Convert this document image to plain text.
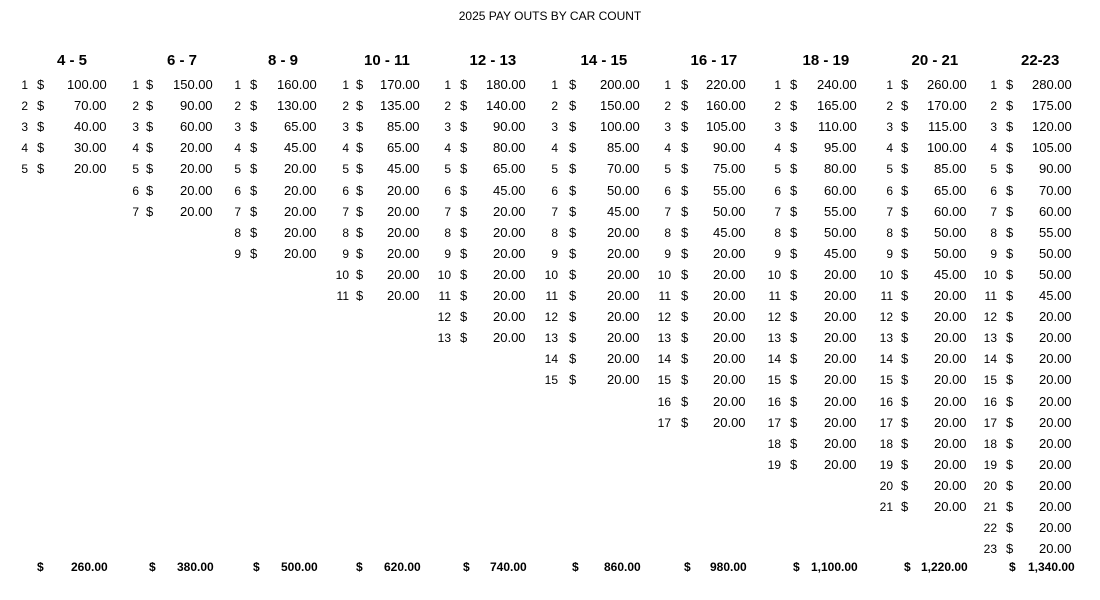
2025 PAY OUTS BY CAR COUNT
4 - 5
1 $ 100.00
2 $ 70.00
3 $ 40.00
4 $ 30.00
5 $ 20.00
$ 260.00
6 - 7
1 $ 150.00
2 $ 90.00
3 $ 60.00
4 $ 20.00
5 $ 20.00
6 $ 20.00
7 $ 20.00
$ 380.00
8 - 9
1 $ 160.00
2 $ 130.00
3 $ 65.00
4 $ 45.00
5 $ 20.00
6 $ 20.00
7 $ 20.00
8 $ 20.00
9 $ 20.00
$ 500.00
10 - 11
1 $ 170.00
2 $ 135.00
3 $ 85.00
4 $ 65.00
5 $ 45.00
6 $ 20.00
7 $ 20.00
8 $ 20.00
9 $ 20.00
10 $ 20.00
11 $ 20.00
$ 620.00
12 - 13
1 $ 180.00
2 $ 140.00
3 $ 90.00
4 $ 80.00
5 $ 65.00
6 $ 45.00
7 $ 20.00
8 $ 20.00
9 $ 20.00
10 $ 20.00
11 $ 20.00
12 $ 20.00
13 $ 20.00
$ 740.00
14 - 15
1 $ 200.00
2 $ 150.00
3 $ 100.00
4 $ 85.00
5 $ 70.00
6 $ 50.00
7 $ 45.00
8 $ 20.00
9 $ 20.00
10 $ 20.00
11 $ 20.00
12 $ 20.00
13 $ 20.00
14 $ 20.00
15 $ 20.00
$ 860.00
16 - 17
1 $ 220.00
2 $ 160.00
3 $ 105.00
4 $ 90.00
5 $ 75.00
6 $ 55.00
7 $ 50.00
8 $ 45.00
9 $ 20.00
10 $ 20.00
11 $ 20.00
12 $ 20.00
13 $ 20.00
14 $ 20.00
15 $ 20.00
16 $ 20.00
17 $ 20.00
$ 980.00
18 - 19
1 $ 240.00
2 $ 165.00
3 $ 110.00
4 $ 95.00
5 $ 80.00
6 $ 60.00
7 $ 55.00
8 $ 50.00
9 $ 45.00
10 $ 20.00
11 $ 20.00
12 $ 20.00
13 $ 20.00
14 $ 20.00
15 $ 20.00
16 $ 20.00
17 $ 20.00
18 $ 20.00
19 $ 20.00
$ 1,100.00
20 - 21
1 $ 260.00
2 $ 170.00
3 $ 115.00
4 $ 100.00
5 $ 85.00
6 $ 65.00
7 $ 60.00
8 $ 50.00
9 $ 50.00
10 $ 45.00
11 $ 20.00
12 $ 20.00
13 $ 20.00
14 $ 20.00
15 $ 20.00
16 $ 20.00
17 $ 20.00
18 $ 20.00
19 $ 20.00
20 $ 20.00
21 $ 20.00
$ 1,220.00
22-23
1 $ 280.00
2 $ 175.00
3 $ 120.00
4 $ 105.00
5 $ 90.00
6 $ 70.00
7 $ 60.00
8 $ 55.00
9 $ 50.00
10 $ 50.00
11 $ 45.00
12 $ 20.00
13 $ 20.00
14 $ 20.00
15 $ 20.00
16 $ 20.00
17 $ 20.00
18 $ 20.00
19 $ 20.00
20 $ 20.00
21 $ 20.00
22 $ 20.00
23 $ 20.00
$ 1,340.00
